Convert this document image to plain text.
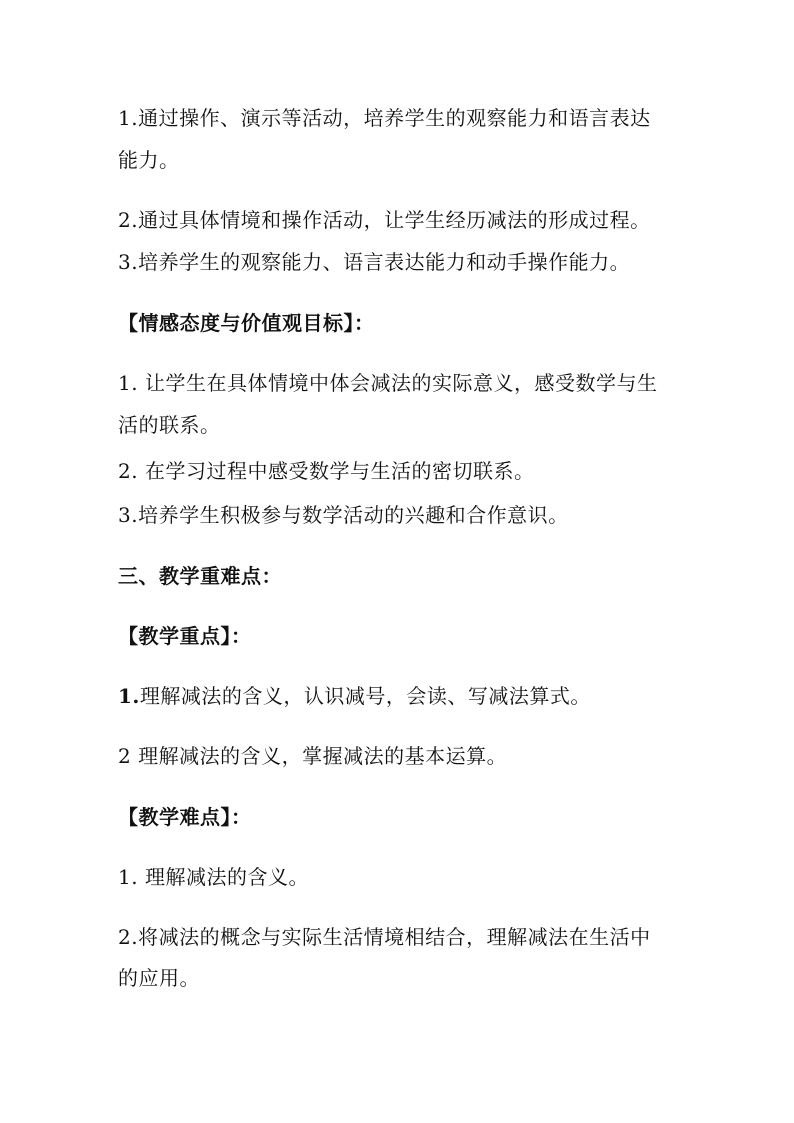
1.通过操作、演示等活动，培养学生的观察能力和语言表达
能力。
2.通过具体情境和操作活动，让学生经历减法的形成过程。
3.培养学生的观察能力、语言表达能力和动手操作能力。
【情感态度与价值观目标】：
1. 让学生在具体情境中体会减法的实际意义，感受数学与生
活的联系。
2. 在学习过程中感受数学与生活的密切联系。
3.培养学生积极参与数学活动的兴趣和合作意识。
三、教学重难点：
【教学重点】：
1.理解减法的含义，认识减号，会读、写减法算式。
2 理解减法的含义，掌握减法的基本运算。
【教学难点】：
1. 理解减法的含义。
2.将减法的概念与实际生活情境相结合，理解减法在生活中
的应用。
